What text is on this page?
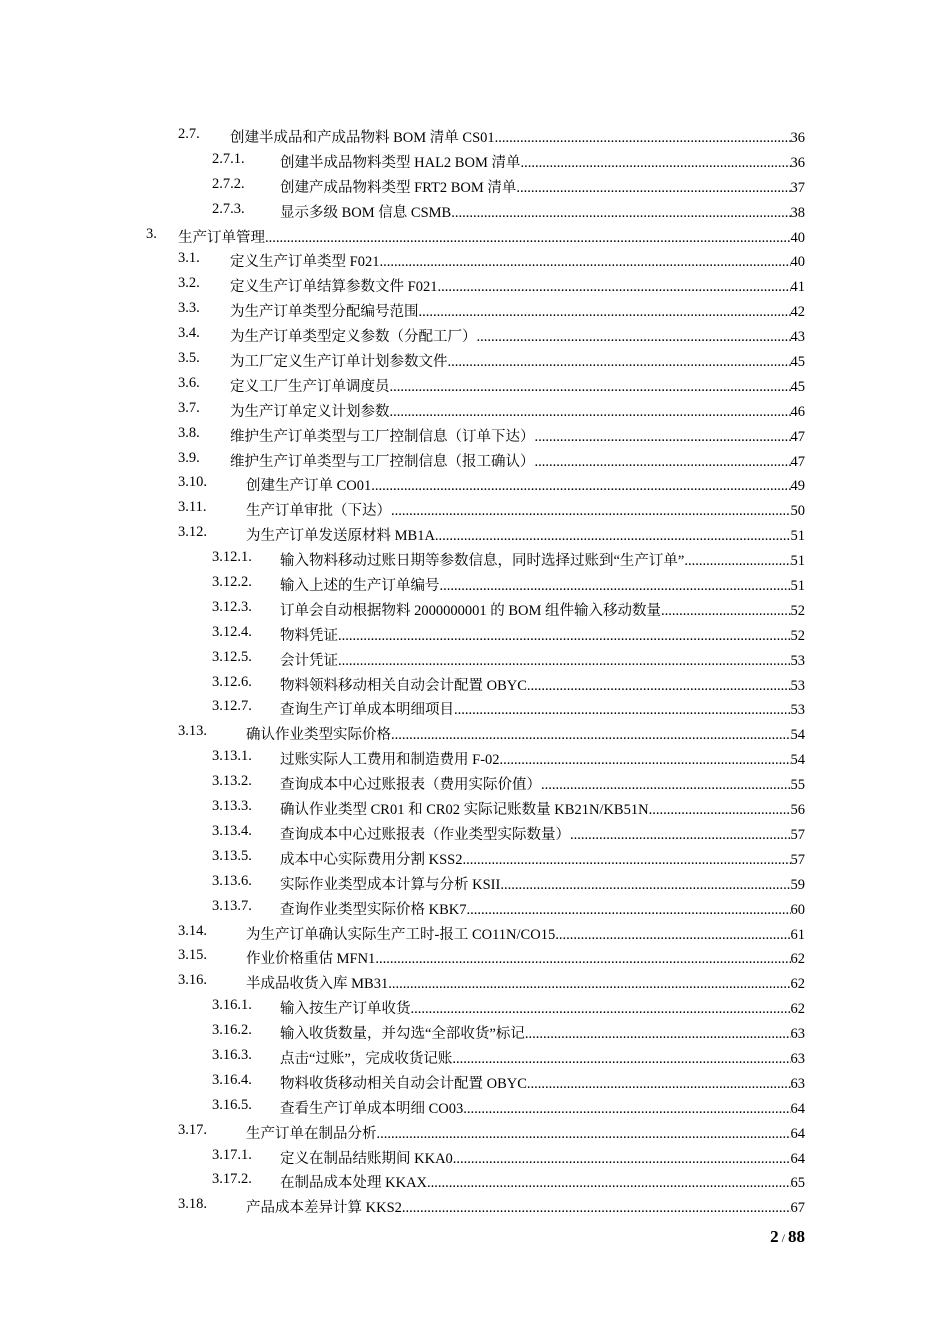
2.7. 创建半成品和产成品物料 BOM 清单 CS01 .....	36
2.7.1. 创建半成品物料类型 HAL2 BOM 清单 .....	36
2.7.2. 创建产成品物料类型 FRT2 BOM 清单 .....	37
2.7.3. 显示多级 BOM 信息 CSMB .....	38
3. 生产订单管理 .....	40
3.1. 定义生产订单类型 F021 .....	40
3.2. 定义生产订单结算参数文件 F021 .....	41
3.3. 为生产订单类型分配编号范围 .....	42
3.4. 为生产订单类型定义参数（分配工厂） .....	43
3.5. 为工厂定义生产订单计划参数文件 .....	45
3.6. 定义工厂生产订单调度员 .....	45
3.7. 为生产订单定义计划参数 .....	46
3.8. 维护生产订单类型与工厂控制信息（订单下达） .....	47
3.9. 维护生产订单类型与工厂控制信息（报工确认） .....	47
3.10.	创建生产订单 CO01 .....	49
3.11.	生产订单审批（下达） .....	50
3.12.	为生产订单发送原材料 MB1A .....	51
3.12.1. 输入物料移动过账日期等参数信息，同时选择过账到“生产订单” .....	51
3.12.2. 输入上述的生产订单编号 .....	51
3.12.3. 订单会自动根据物料 2000000001 的 BOM 组件输入移动数量 .....	52
3.12.4. 物料凭证 .....	52
3.12.5. 会计凭证 .....	53
3.12.6. 物料领料移动相关自动会计配置 OBYC .....	53
3.12.7. 查询生产订单成本明细项目 .....	53
3.13.	确认作业类型实际价格 .....	54
3.13.1. 过账实际人工费用和制造费用 F-02 .....	54
3.13.2. 查询成本中心过账报表（费用实际价值） .....	55
3.13.3. 确认作业类型 CR01 和 CR02 实际记账数量 KB21N/KB51N .....	56
3.13.4. 查询成本中心过账报表（作业类型实际数量） .....	57
3.13.5. 成本中心实际费用分割 KSS2 .....	57
3.13.6. 实际作业类型成本计算与分析 KSII .....	59
3.13.7. 查询作业类型实际价格 KBK7 .....	60
3.14.	为生产订单确认实际生产工时-报工 CO11N/CO15 .....	61
3.15.	作业价格重估 MFN1 .....	62
3.16.	半成品收货入库 MB31 .....	62
3.16.1. 输入按生产订单收货 .....	62
3.16.2. 输入收货数量，并勾选“全部收货”标记 .....	63
3.16.3. 点击“过账”，完成收货记账 .....	63
3.16.4. 物料收货移动相关自动会计配置 OBYC .....	63
3.16.5. 查看生产订单成本明细 CO03 .....	64
3.17.	生产订单在制品分析 .....	64
3.17.1. 定义在制品结账期间 KKA0 .....	64
3.17.2. 在制品成本处理 KKAX .....	65
3.18.	产品成本差异计算 KKS2 .....	67
2 / 88
